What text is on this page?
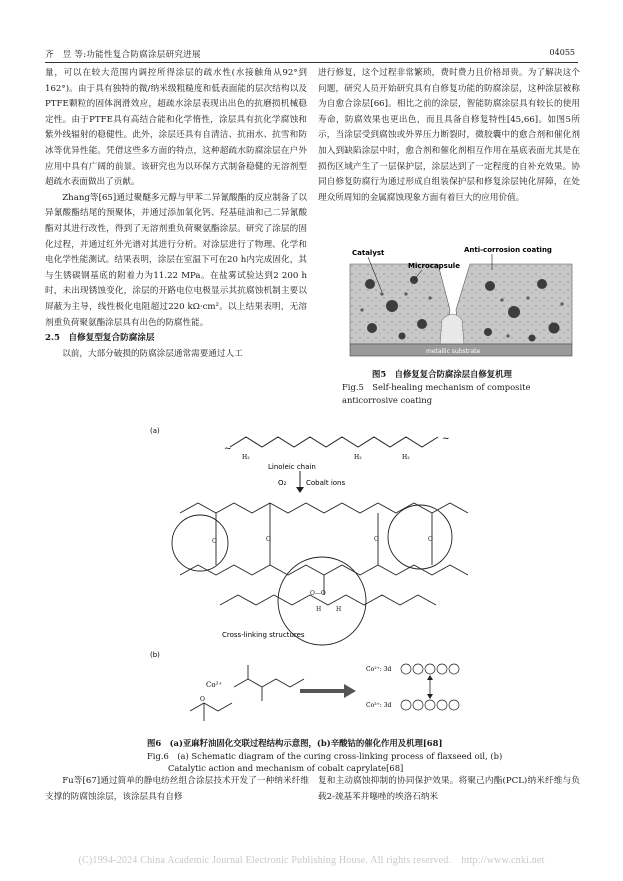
齐　昱 等:功能性复合防腐涂层研究进展	04055

量，可以在较大范围内调控所得涂层的疏水性(水接触角从92°到162°)。由于具有独特的微/纳米级粗糙度和低表面能的层次结构以及PTFE颗粒的固体润滑效应，超疏水涂层表现出出色的抗磨损机械稳定性。由于PTFE具有高结合能和化学惰性，涂层具有抗化学腐蚀和紫外线辐射的稳健性。此外，涂层还具有自清洁、抗雨水、抗雪和防冰等优异性能。凭借这些多方面的特点，这种超疏水防腐涂层在户外应用中具有广阔的前景。该研究也为以环保方式制备稳健的无溶剂型超疏水表面做出了贡献。

Zhang等[65]通过聚醚多元醇与甲苯二异氰酸酯的反应制备了以异氰酸酯结尾的预聚体，并通过添加氧化钙、羟基硅油和己二异氰酸酯对其进行改性，得到了无溶剂重负荷聚氨酯涂层。研究了涂层的固化过程，并通过红外光谱对其进行分析。对涂层进行了物理、化学和电化学性能测试。结果表明，涂层在室温下可在20 h内完成固化，其与生锈碳钢基底的附着力为11.22 MPa。在盐雾试验达到2 200 h时，未出现锈蚀变化，涂层的开路电位电极显示其抗腐蚀机制主要以屏蔽为主导，线性极化电阻超过220 kΩ·cm²。以上结果表明，无溶剂重负荷聚氨酯涂层具有出色的防腐性能。

2.5　自修复型复合防腐涂层

以前，大部分破损的防腐涂层通常需要通过人工

进行修复，这个过程非常繁琐，费时费力且价格昂贵。为了解决这个问题，研究人员开始研究具有自修复功能的防腐涂层，这种涂层被称为自愈合涂层[66]。相比之前的涂层，智能防腐涂层具有较长的使用寿命，防腐效果也更出色，而且具备自修复特性[45,66]。如图5所示，当涂层受到腐蚀或外界压力断裂时，微胶囊中的愈合剂和催化剂加入到缺陷涂层中时，愈合剂和催化剂相互作用在基底表面尤其是在损伤区域产生了一层保护层，涂层达到了一定程度的自补充效果。协同自修复防腐行为通过形成自组装保护层和修复涂层钝化屏障，在处理众所周知的金属腐蚀现象方面有着巨大的应用价值。

Catalyst
Microcapsule
Anti-corrosion coating
metallic substrate
图5　自修复复合防腐涂层自修复机理
Fig.5　Self-healing mechanism of composite anticorrosive coating
(a)
~
~
H₂	H₂	H₂
Linoleic chain
O₂	Cobalt ions
O	O	O	O
O—O
H H
Cross-linking structures
(b)
Co²⁺
O
Co²⁺: 3d
Co³⁺: 3d
图6　(a)亚麻籽油固化交联过程结构示意图，(b)辛酸钴的催化作用及机理[68]
Fig.6　(a) Schematic diagram of the curing cross-linking process of flaxseed oil, (b)
Catalytic action and mechanism of cobalt caprylate[68]
Fu等[67]通过简单的静电纺丝组合涂层技术开发了一种纳米纤维支撑的防腐蚀涂层，该涂层具有自修
复和主动腐蚀抑制的协同保护效果。将聚己内酯(PCL)纳米纤维与负载2-巯基苯并噻唑的埃洛石纳米
(C)1994-2024 China Academic Journal Electronic Publishing House. All rights reserved.　http://www.cnki.net
